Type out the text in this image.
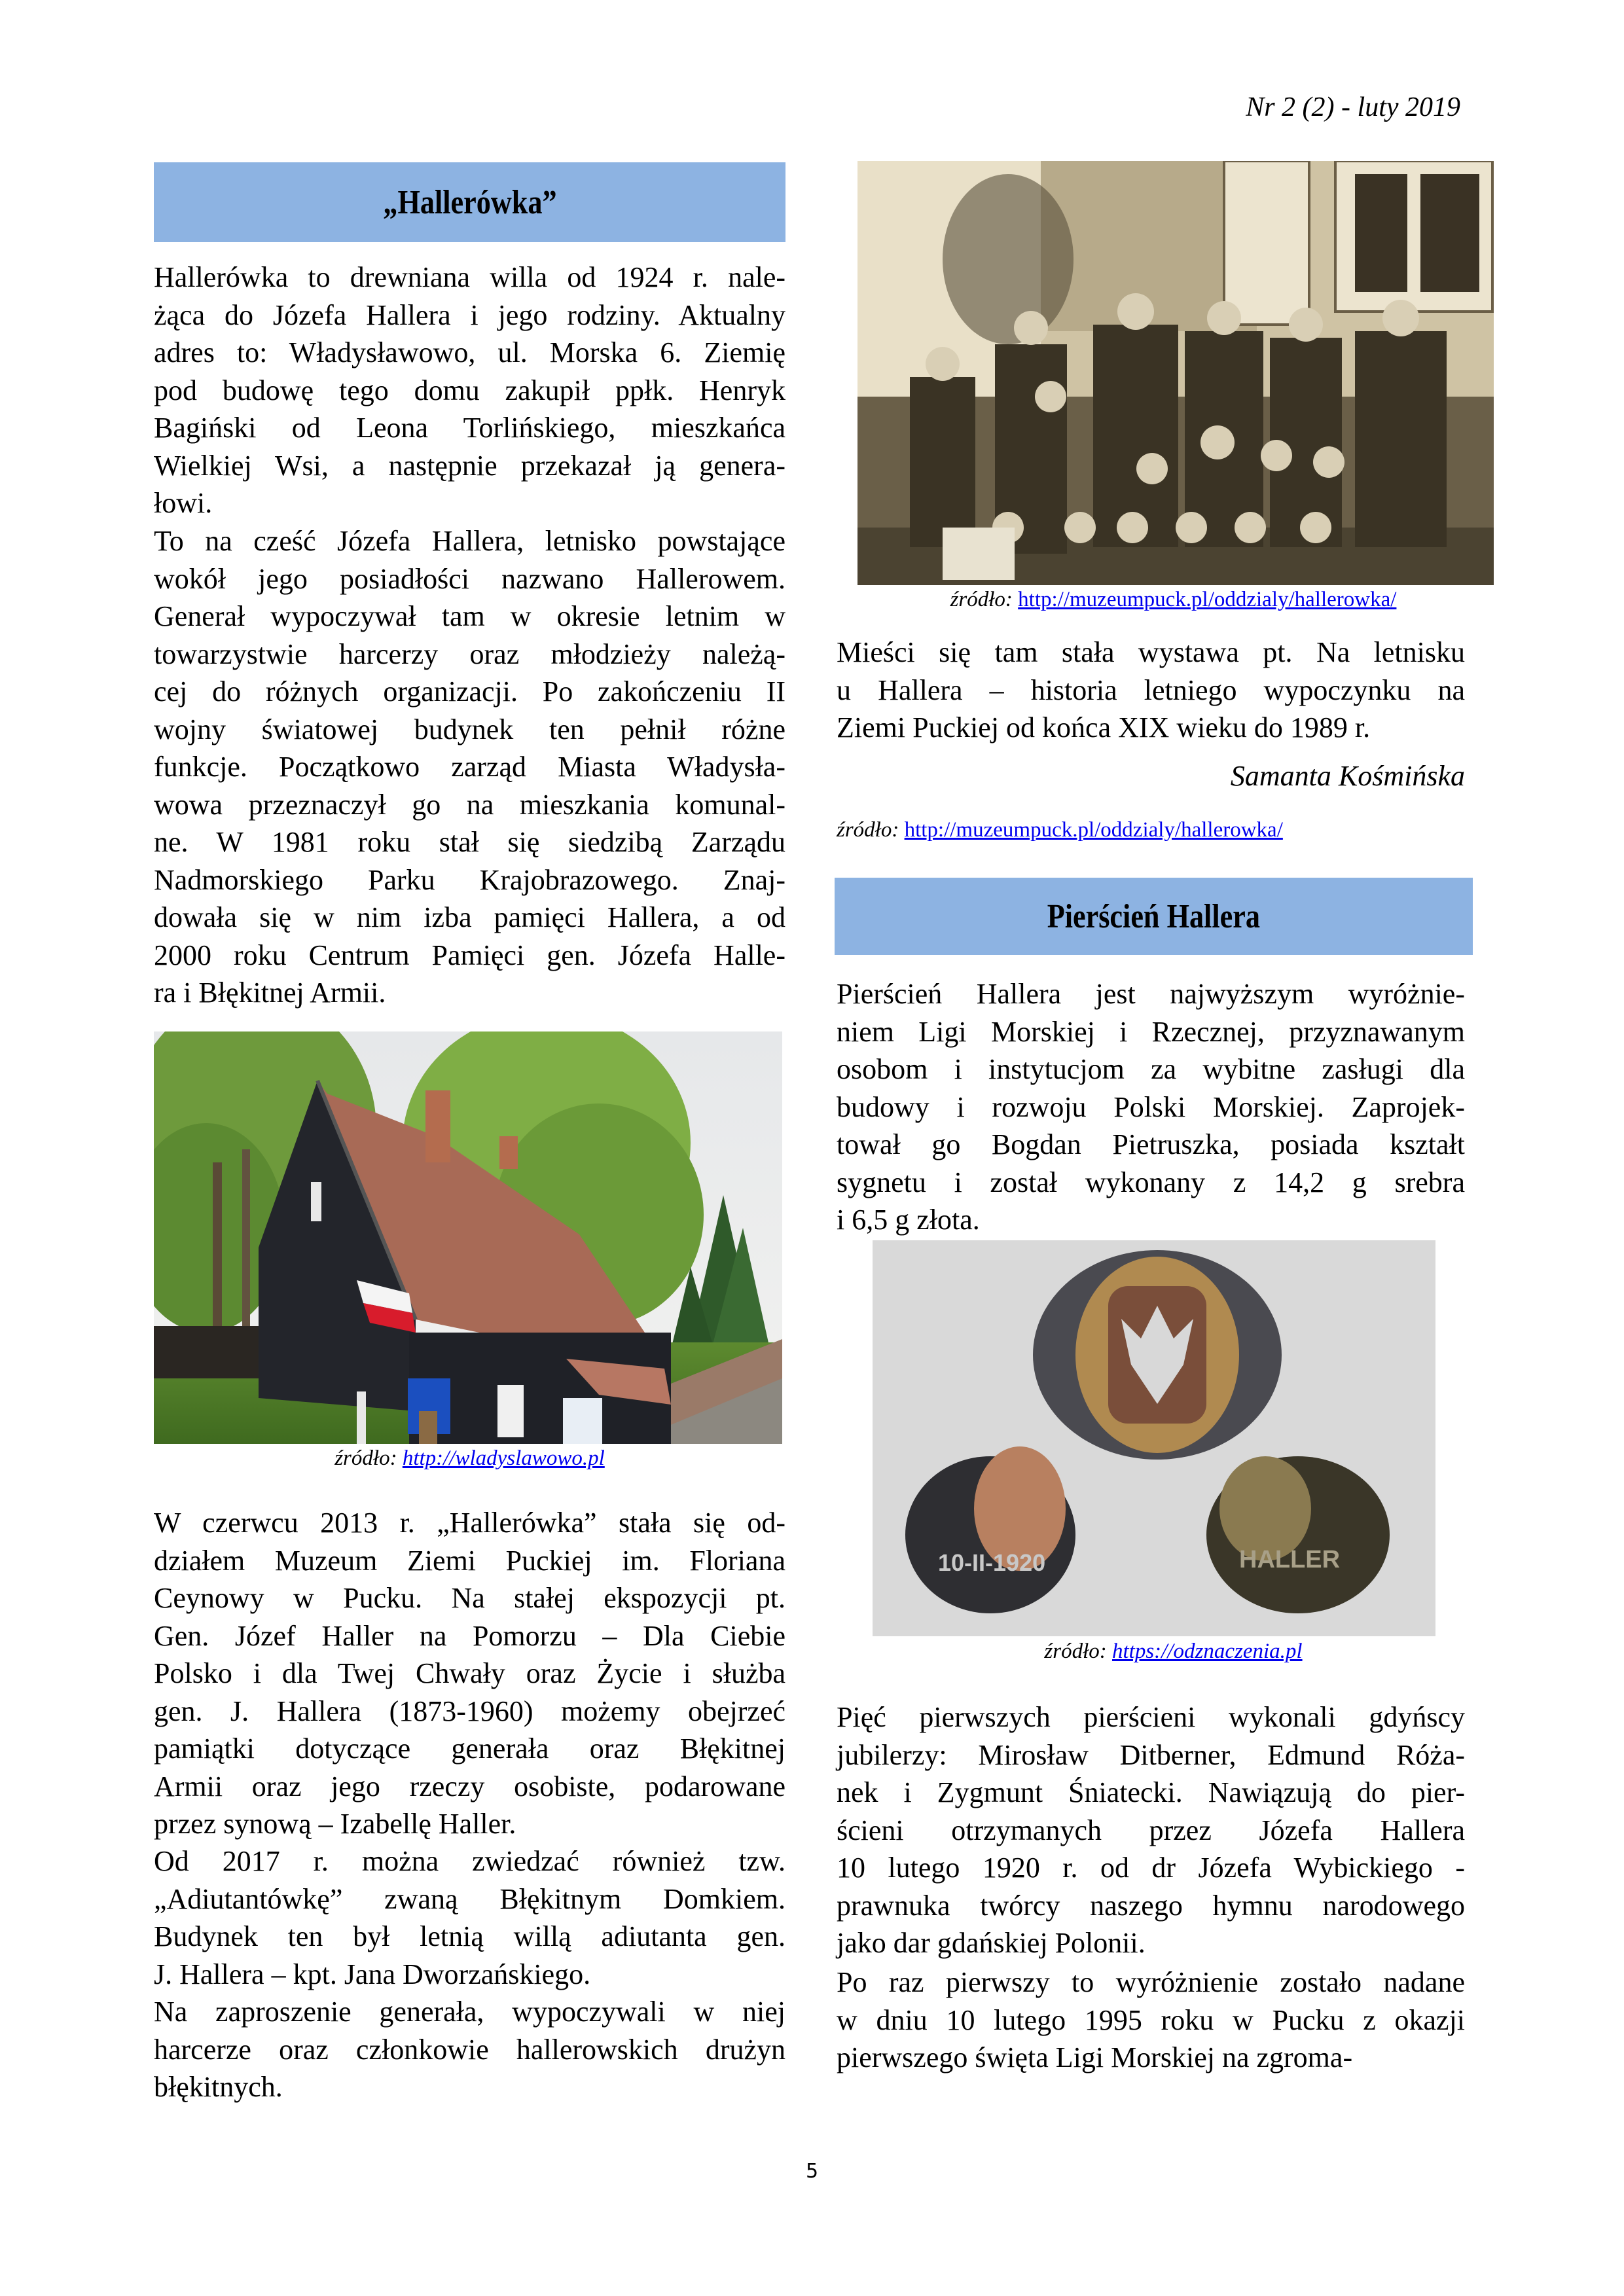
Nr 2 (2) - luty 2019
„Hallerówka”
Hallerówka to drewniana willa od 1924 r. nale-
żąca do Józefa Hallera i jego rodziny. Aktualny
adres to: Władysławowo, ul. Morska 6. Ziemię
pod budowę tego domu zakupił ppłk. Henryk
Bagiński od Leona Torlińskiego, mieszkańca
Wielkiej Wsi, a następnie przekazał ją genera-
łowi.
To na cześć Józefa Hallera, letnisko powstające
wokół jego posiadłości nazwano Hallerowem.
Generał wypoczywał tam w okresie letnim w
towarzystwie harcerzy oraz młodzieży należą-
cej do różnych organizacji. Po zakończeniu II
wojny światowej budynek ten pełnił różne
funkcje. Początkowo zarząd Miasta Władysła-
wowa przeznaczył go na mieszkania komunal-
ne. W 1981 roku stał się siedzibą Zarządu
Nadmorskiego Parku Krajobrazowego. Znaj-
dowała się w nim izba pamięci Hallera, a od
2000 roku Centrum Pamięci gen. Józefa Halle-
ra i Błękitnej Armii.
źródło: http://wladyslawowo.pl
W czerwcu 2013 r. „Hallerówka” stała się od-
działem Muzeum Ziemi Puckiej im. Floriana
Ceynowy w Pucku. Na stałej ekspozycji pt.
Gen. Józef Haller na Pomorzu – Dla Ciebie
Polsko i dla Twej Chwały oraz Życie i służba
gen. J. Hallera (1873-1960) możemy obejrzeć
pamiątki dotyczące generała oraz Błękitnej
Armii oraz jego rzeczy osobiste, podarowane
przez synową – Izabellę Haller.
Od 2017 r. można zwiedzać również tzw.
„Adiutantówkę” zwaną Błękitnym Domkiem.
Budynek ten był letnią willą adiutanta gen.
J. Hallera – kpt. Jana Dworzańskiego.
Na zaproszenie generała, wypoczywali w niej
harcerze oraz członkowie hallerowskich drużyn
błękitnych.
źródło: http://muzeumpuck.pl/oddzialy/hallerowka/
Mieści się tam stała wystawa pt. Na letnisku
u Hallera – historia letniego wypoczynku na
Ziemi Puckiej od końca XIX wieku do 1989 r.
Samanta Kośmińska
źródło: http://muzeumpuck.pl/oddzialy/hallerowka/
Pierścień Hallera
Pierścień Hallera jest najwyższym wyróżnie-
niem Ligi Morskiej i Rzecznej, przyznawanym
osobom i instytucjom za wybitne zasługi dla
budowy i rozwoju Polski Morskiej. Zaprojek-
tował go Bogdan Pietruszka, posiada kształt
sygnetu i został wykonany z 14,2 g srebra
i 6,5 g złota.
10-II-1920	HALLER
źródło: https://odznaczenia.pl
Pięć pierwszych pierścieni wykonali gdyńscy
jubilerzy: Mirosław Ditberner, Edmund Róża-
nek i Zygmunt Śniatecki. Nawiązują do pier-
ścieni otrzymanych przez Józefa Hallera
10 lutego 1920 r. od dr Józefa Wybickiego -
prawnuka twórcy naszego hymnu narodowego
jako dar gdańskiej Polonii.
Po raz pierwszy to wyróżnienie zostało nadane
w dniu 10 lutego 1995 roku w Pucku z okazji
pierwszego święta Ligi Morskiej na zgroma-
5
